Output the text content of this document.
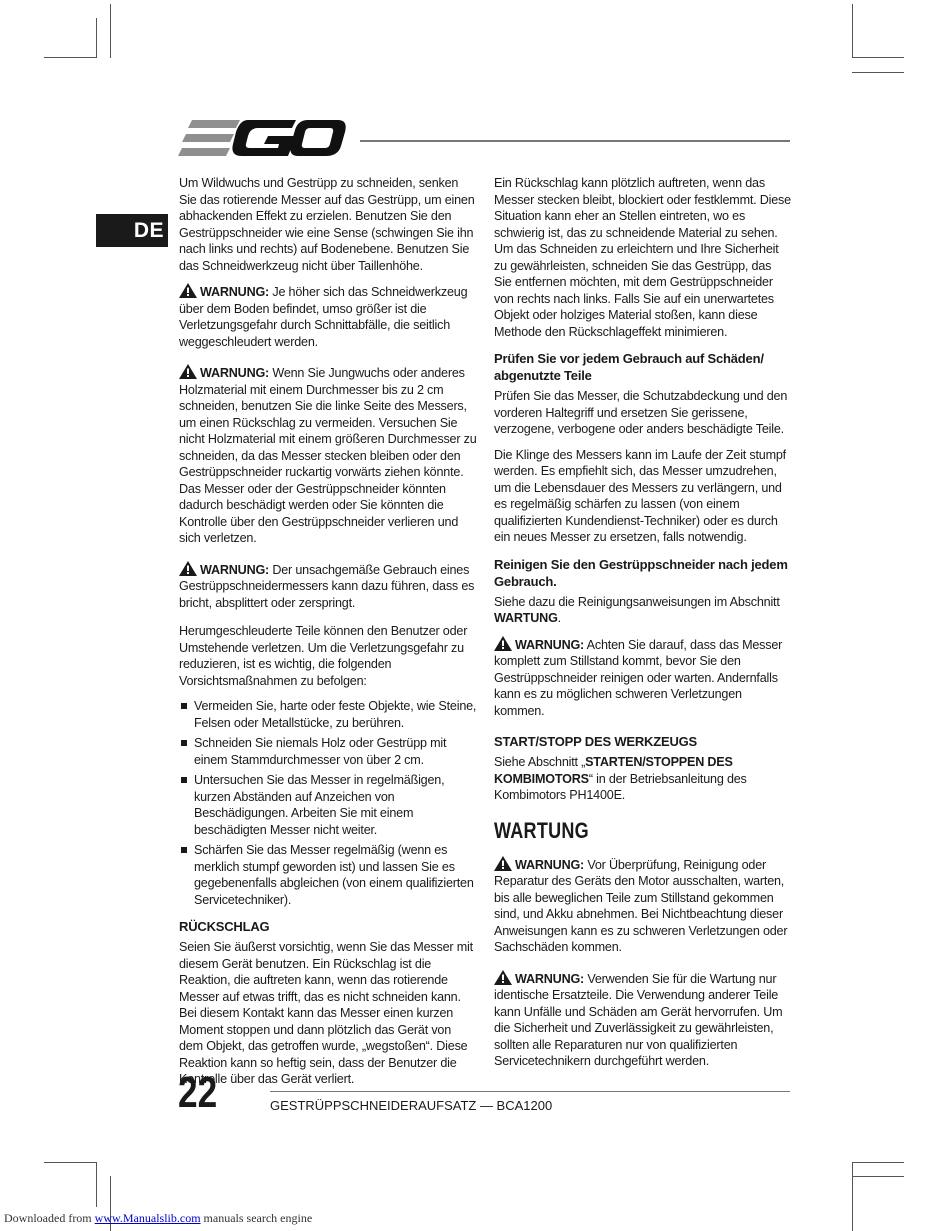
DE

Um Wildwuchs und Gestrüpp zu schneiden, senken Sie das rotierende Messer auf das Gestrüpp, um einen abhackenden Effekt zu erzielen. Benutzen Sie den Gestrüppschneider wie eine Sense (schwingen Sie ihn nach links und rechts) auf Bodenebene. Benutzen Sie das Schneidwerkzeug nicht über Taillenhöhe.

WARNUNG: Je höher sich das Schneidwerkzeug über dem Boden befindet, umso größer ist die Verletzungsgefahr durch Schnittabfälle, die seitlich weggeschleudert werden.

WARNUNG: Wenn Sie Jungwuchs oder anderes Holzmaterial mit einem Durchmesser bis zu 2 cm schneiden, benutzen Sie die linke Seite des Messers, um einen Rückschlag zu vermeiden. Versuchen Sie nicht Holzmaterial mit einem größeren Durchmesser zu schneiden, da das Messer stecken bleiben oder den Gestrüppschneider ruckartig vorwärts ziehen könnte. Das Messer oder der Gestrüppschneider könnten dadurch beschädigt werden oder Sie könnten die Kontrolle über den Gestrüppschneider verlieren und sich verletzen.

WARNUNG: Der unsachgemäße Gebrauch eines Gestrüppschneidermessers kann dazu führen, dass es bricht, absplittert oder zerspringt.

Herumgeschleuderte Teile können den Benutzer oder Umstehende verletzen. Um die Verletzungsgefahr zu reduzieren, ist es wichtig, die folgenden Vorsichtsmaßnahmen zu befolgen:

Vermeiden Sie, harte oder feste Objekte, wie Steine, Felsen oder Metallstücke, zu berühren.
Schneiden Sie niemals Holz oder Gestrüpp mit einem Stammdurchmesser von über 2 cm.
Untersuchen Sie das Messer in regelmäßigen, kurzen Abständen auf Anzeichen von Beschädigungen. Arbeiten Sie mit einem beschädigten Messer nicht weiter.
Schärfen Sie das Messer regelmäßig (wenn es merklich stumpf geworden ist) und lassen Sie es gegebenenfalls abgleichen (von einem qualifizierten Servicetechniker).
RÜCKSCHLAG

Seien Sie äußerst vorsichtig, wenn Sie das Messer mit diesem Gerät benutzen. Ein Rückschlag ist die Reaktion, die auftreten kann, wenn das rotierende Messer auf etwas trifft, das es nicht schneiden kann. Bei diesem Kontakt kann das Messer einen kurzen Moment stoppen und dann plötzlich das Gerät von dem Objekt, das getroffen wurde, „wegstoßen“. Diese Reaktion kann so heftig sein, dass der Benutzer die Kontrolle über das Gerät verliert.

Ein Rückschlag kann plötzlich auftreten, wenn das Messer stecken bleibt, blockiert oder festklemmt. Diese Situation kann eher an Stellen eintreten, wo es schwierig ist, das zu schneidende Material zu sehen. Um das Schneiden zu erleichtern und Ihre Sicherheit zu gewährleisten, schneiden Sie das Gestrüpp, das Sie entfernen möchten, mit dem Gestrüppschneider von rechts nach links. Falls Sie auf ein unerwartetes Objekt oder holziges Material stoßen, kann diese Methode den Rückschlageffekt minimieren.

Prüfen Sie vor jedem Gebrauch auf Schäden/ abgenutzte Teile

Prüfen Sie das Messer, die Schutzabdeckung und den vorderen Haltegriff und ersetzen Sie gerissene, verzogene, verbogene oder anders beschädigte Teile.

Die Klinge des Messers kann im Laufe der Zeit stumpf werden. Es empfiehlt sich, das Messer umzudrehen, um die Lebensdauer des Messers zu verlängern, und es regelmäßig schärfen zu lassen (von einem qualifizierten Kundendienst-Techniker) oder es durch ein neues Messer zu ersetzen, falls notwendig.

Reinigen Sie den Gestrüppschneider nach jedem Gebrauch.

Siehe dazu die Reinigungsanweisungen im Abschnitt WARTUNG.

WARNUNG: Achten Sie darauf, dass das Messer komplett zum Stillstand kommt, bevor Sie den Gestrüppschneider reinigen oder warten. Andernfalls kann es zu möglichen schweren Verletzungen kommen.

START/STOPP DES WERKZEUGS

Siehe Abschnitt „STARTEN/STOPPEN DES KOMBIMOTORS“ in der Betriebsanleitung des Kombimotors PH1400E.

WARTUNG

WARNUNG: Vor Überprüfung, Reinigung oder Reparatur des Geräts den Motor ausschalten, warten, bis alle beweglichen Teile zum Stillstand gekommen sind, und Akku abnehmen. Bei Nichtbeachtung dieser Anweisungen kann es zu schweren Verletzungen oder Sachschäden kommen.

WARNUNG: Verwenden Sie für die Wartung nur identische Ersatzteile. Die Verwendung anderer Teile kann Unfälle und Schäden am Gerät hervorrufen. Um die Sicherheit und Zuverlässigkeit zu gewährleisten, sollten alle Reparaturen nur von qualifizierten Servicetechnikern durchgeführt werden.

22	GESTRÜPPSCHNEIDERAUFSATZ — BCA1200
Downloaded from www.Manualslib.com manuals search engine
